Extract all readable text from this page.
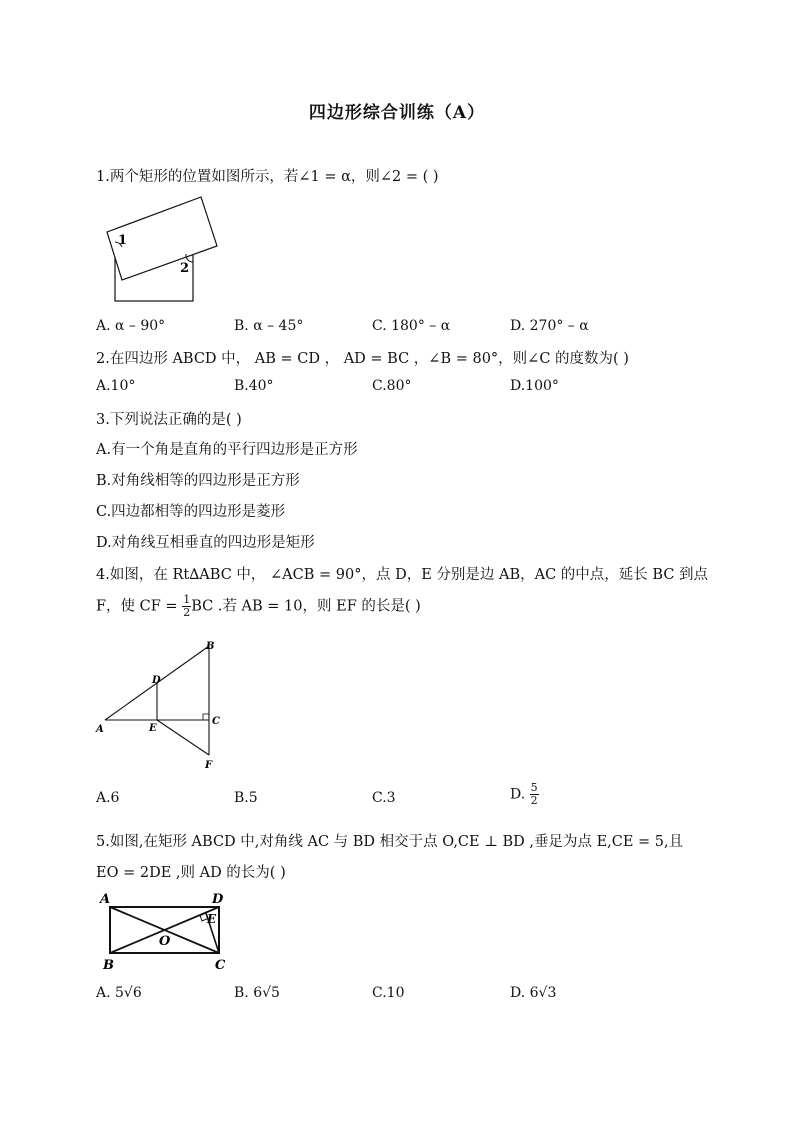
四边形综合训练（A）
1.两个矩形的位置如图所示，若∠1 = α，则∠2 = ( )
1
2
A. α – 90°	B. α – 45°	C. 180° – α	D. 270° – α
2.在四边形 ABCD 中， AB = CD ， AD = BC ，∠B = 80°，则∠C 的度数为( )
A.10°	B.40°	C.80°	D.100°
3.下列说法正确的是( )
A.有一个角是直角的平行四边形是正方形
B.对角线相等的四边形是正方形
C.四边都相等的四边形是菱形
D.对角线互相垂直的四边形是矩形
4.如图，在 Rt∆ABC 中， ∠ACB = 90°，点 D，E 分别是边 AB，AC 的中点，延长 BC 到点
F，使 CF = $\frac{1}{2}$ BC .若 AB = 10，则 EF 的长是( )
B
D
A	E
C
F
A.6	B.5	C.3	D. $\frac{5}{2}$
5.如图,在矩形 ABCD 中,对角线 AC 与 BD 相交于点 O,CE ⊥ BD ,垂足为点 E,CE = 5,且
EO = 2DE ,则 AD 的长为( )
A	D
E
O
B	C
A. 5√6	B. 6√5	C.10	D. 6√3
